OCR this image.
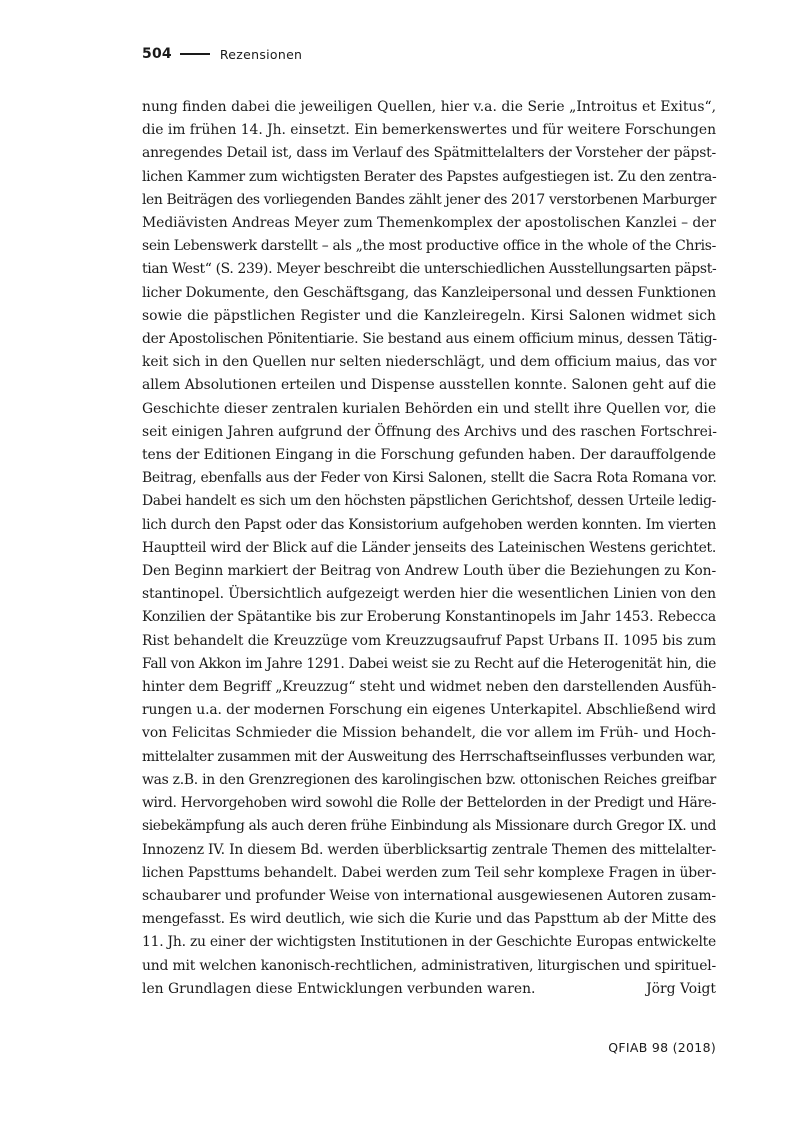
504	Rezensionen
nung finden dabei die jeweiligen Quellen, hier v.a. die Serie „Introitus et Exitus“,
die im frühen 14. Jh. einsetzt. Ein bemerkenswertes und für weitere Forschungen
anregendes Detail ist, dass im Verlauf des Spätmittelalters der Vorsteher der päpst-
lichen Kammer zum wichtigsten Berater des Papstes aufgestiegen ist. Zu den zentra-
len Beiträgen des vorliegenden Bandes zählt jener des 2017 verstorbenen Marburger
Mediävisten Andreas Meyer zum Themenkomplex der apostolischen Kanzlei – der
sein Lebenswerk darstellt – als „the most productive office in the whole of the Chris-
tian West“ (S. 239). Meyer beschreibt die unterschiedlichen Ausstellungsarten päpst-
licher Dokumente, den Geschäftsgang, das Kanzleipersonal und dessen Funktionen
sowie die päpstlichen Register und die Kanzleiregeln. Kirsi Salonen widmet sich
der Apostolischen Pönitentiarie. Sie bestand aus einem officium minus, dessen Tätig-
keit sich in den Quellen nur selten niederschlägt, und dem officium maius, das vor
allem Absolutionen erteilen und Dispense ausstellen konnte. Salonen geht auf die
Geschichte dieser zentralen kurialen Behörden ein und stellt ihre Quellen vor, die
seit einigen Jahren aufgrund der Öffnung des Archivs und des raschen Fortschrei-
tens der Editionen Eingang in die Forschung gefunden haben. Der darauffolgende
Beitrag, ebenfalls aus der Feder von Kirsi Salonen, stellt die Sacra Rota Romana vor.
Dabei handelt es sich um den höchsten päpstlichen Gerichtshof, dessen Urteile ledig-
lich durch den Papst oder das Konsistorium aufgehoben werden konnten. Im vierten
Hauptteil wird der Blick auf die Länder jenseits des Lateinischen Westens gerichtet.
Den Beginn markiert der Beitrag von Andrew Louth über die Beziehungen zu Kon-
stantinopel. Übersichtlich aufgezeigt werden hier die wesentlichen Linien von den
Konzilien der Spätantike bis zur Eroberung Konstantinopels im Jahr 1453. Rebecca
Rist behandelt die Kreuzzüge vom Kreuzzugsaufruf Papst Urbans II. 1095 bis zum
Fall von Akkon im Jahre 1291. Dabei weist sie zu Recht auf die Heterogenität hin, die
hinter dem Begriff „Kreuzzug“ steht und widmet neben den darstellenden Ausfüh-
rungen u.a. der modernen Forschung ein eigenes Unterkapitel. Abschließend wird
von Felicitas Schmieder die Mission behandelt, die vor allem im Früh- und Hoch-
mittelalter zusammen mit der Ausweitung des Herrschaftseinflusses verbunden war,
was z.B. in den Grenzregionen des karolingischen bzw. ottonischen Reiches greifbar
wird. Hervorgehoben wird sowohl die Rolle der Bettelorden in der Predigt und Häre-
siebekämpfung als auch deren frühe Einbindung als Missionare durch Gregor IX. und
Innozenz IV. In diesem Bd. werden überblicksartig zentrale Themen des mittelalter-
lichen Papsttums behandelt. Dabei werden zum Teil sehr komplexe Fragen in über-
schaubarer und profunder Weise von international ausgewiesenen Autoren zusam-
mengefasst. Es wird deutlich, wie sich die Kurie und das Papsttum ab der Mitte des
11. Jh. zu einer der wichtigsten Institutionen in der Geschichte Europas entwickelte
und mit welchen kanonisch-rechtlichen, administrativen, liturgischen und spirituel-
len Grundlagen diese Entwicklungen verbunden waren.	Jörg Voigt
QFIAB 98 (2018)
